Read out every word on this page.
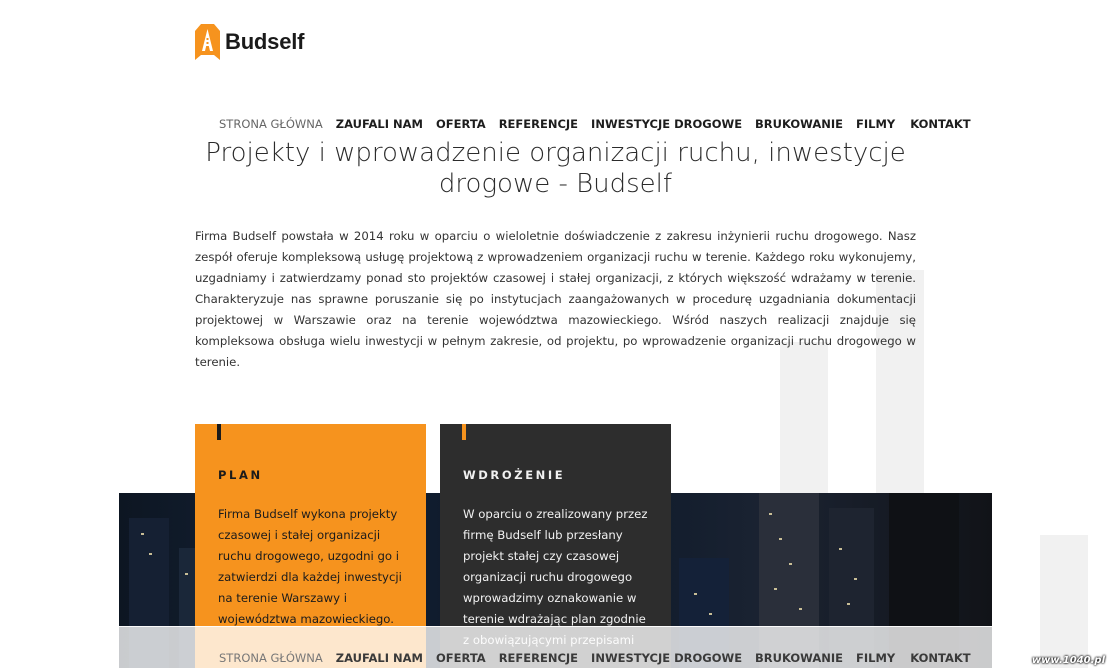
Budself
STRONA GŁÓWNA ZAUFALI NAM OFERTA REFERENCJE INWESTYCJE DROGOWE BRUKOWANIE FILMY KONTAKT
Projekty i wprowadzenie organizacji ruchu, inwestycje drogowe - Budself

Firma Budself powstała w 2014 roku w oparciu o wieloletnie doświadczenie z zakresu inżynierii ruchu drogowego. Nasz zespół oferuje kompleksową usługę projektową z wprowadzeniem organizacji ruchu w terenie. Każdego roku wykonujemy, uzgadniamy i zatwierdzamy ponad sto projektów czasowej i stałej organizacji, z których większość wdrażamy w terenie. Charakteryzuje nas sprawne poruszanie się po instytucjach zaangażowanych w procedurę uzgadniania dokumentacji projektowej w Warszawie oraz na terenie województwa mazowieckiego. Wśród naszych realizacji znajduje się kompleksowa obsługa wielu inwestycji w pełnym zakresie, od projektu, po wprowadzenie organizacji ruchu drogowego w terenie.

PLAN

Firma Budself wykona projekty czasowej i stałej organizacji ruchu drogowego, uzgodni go i zatwierdzi dla każdej inwestycji na terenie Warszawy i województwa mazowieckiego.

WDROŻENIE

W oparciu o zrealizowany przez firmę Budself lub przesłany projekt stałej czy czasowej organizacji ruchu drogowego wprowadzimy oznakowanie w terenie wdrażając plan zgodnie

STRONA GŁÓWNA ZAUFALI NAM OFERTA REFERENCJE INWESTYCJE DROGOWE BRUKOWANIE FILMY KONTAKT	www.1040.pl
